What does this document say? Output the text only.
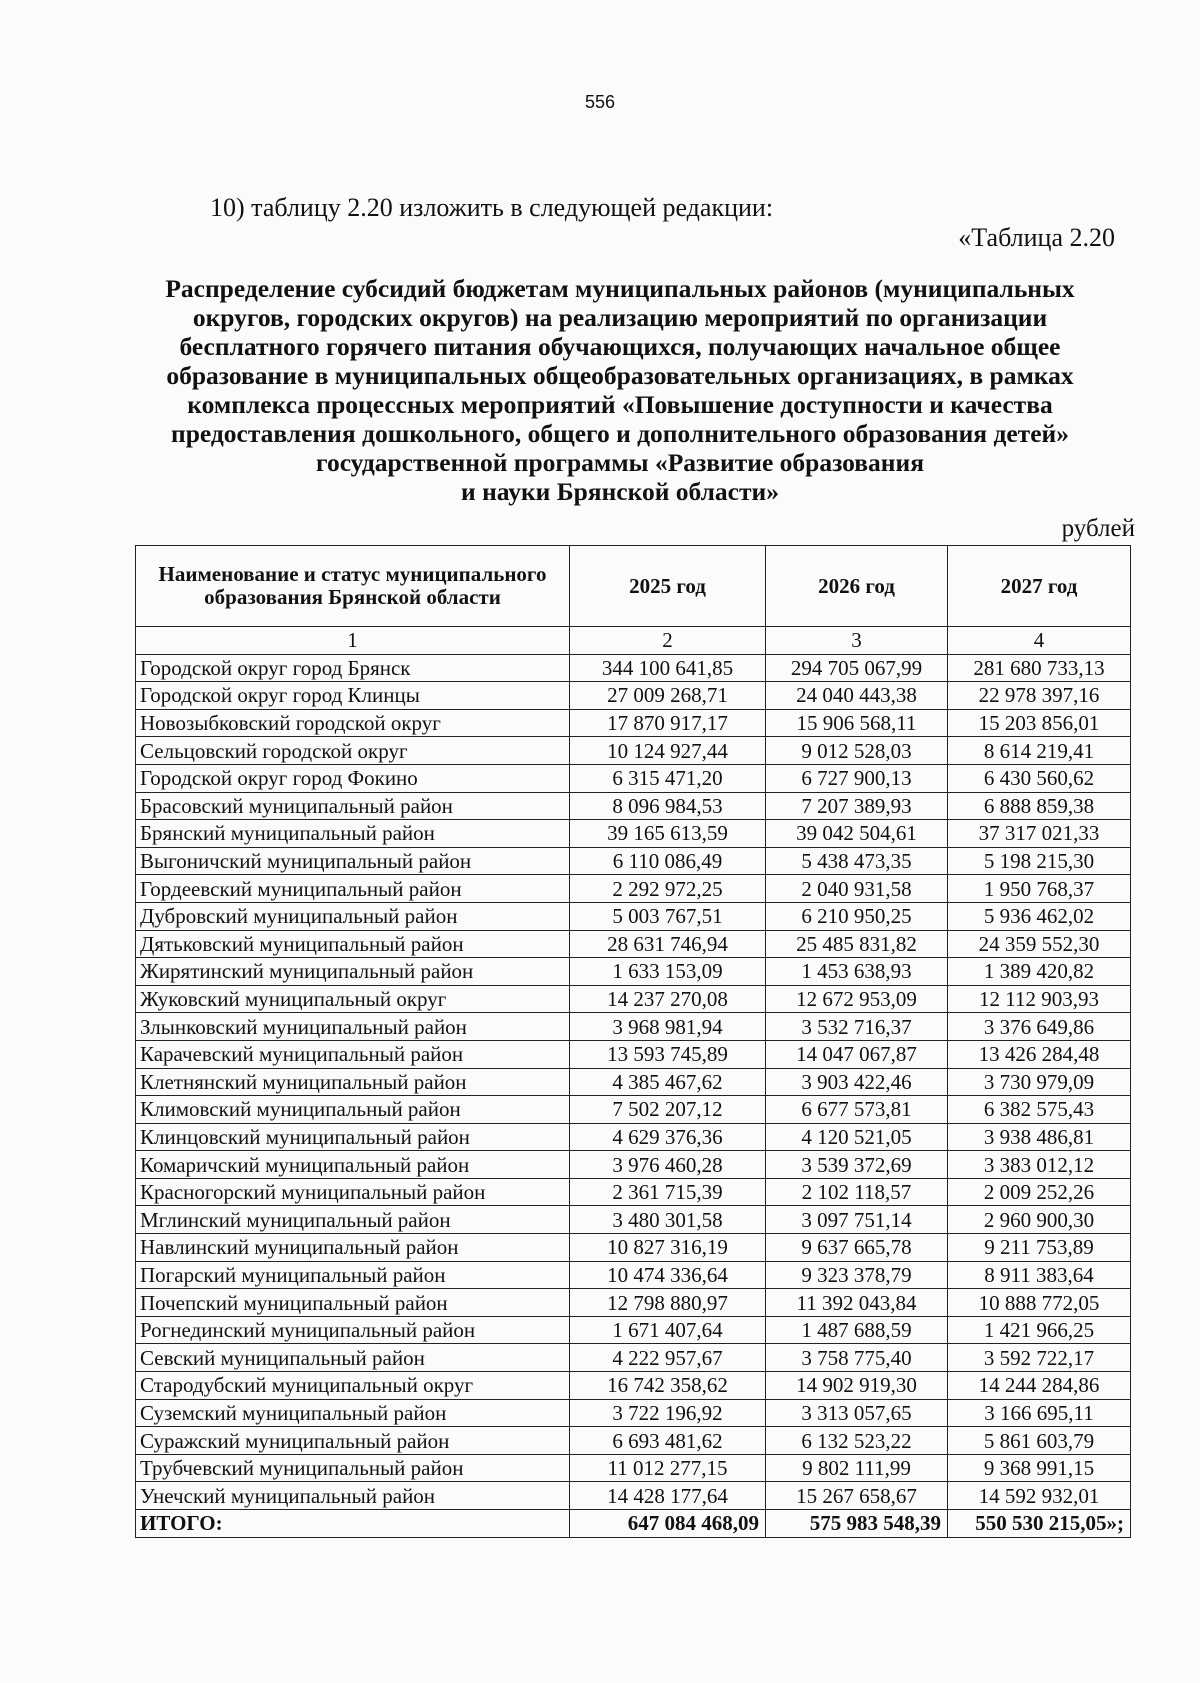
556
10) таблицу 2.20 изложить в следующей редакции:
«Таблица 2.20
Распределение субсидий бюджетам муниципальных районов (муниципальных
округов, городских округов) на реализацию мероприятий по организации
бесплатного горячего питания обучающихся, получающих начальное общее
образование в муниципальных общеобразовательных организациях, в рамках
комплекса процессных мероприятий «Повышение доступности и качества
предоставления дошкольного, общего и дополнительного образования детей»
государственной программы «Развитие образования
и науки Брянской области»
рублей
Наименование и статус муниципального образования Брянской области	2025 год	2026 год	2027 год
1	2	3	4
Городской округ город Брянск	344 100 641,85	294 705 067,99	281 680 733,13
Городской округ город Клинцы	27 009 268,71	24 040 443,38	22 978 397,16
Новозыбковский городской округ	17 870 917,17	15 906 568,11	15 203 856,01
Сельцовский городской округ	10 124 927,44	9 012 528,03	8 614 219,41
Городской округ город Фокино	6 315 471,20	6 727 900,13	6 430 560,62
Брасовский муниципальный район	8 096 984,53	7 207 389,93	6 888 859,38
Брянский муниципальный район	39 165 613,59	39 042 504,61	37 317 021,33
Выгоничский муниципальный район	6 110 086,49	5 438 473,35	5 198 215,30
Гордеевский муниципальный район	2 292 972,25	2 040 931,58	1 950 768,37
Дубровский муниципальный район	5 003 767,51	6 210 950,25	5 936 462,02
Дятьковский муниципальный район	28 631 746,94	25 485 831,82	24 359 552,30
Жирятинский муниципальный район	1 633 153,09	1 453 638,93	1 389 420,82
Жуковский муниципальный округ	14 237 270,08	12 672 953,09	12 112 903,93
Злынковский муниципальный район	3 968 981,94	3 532 716,37	3 376 649,86
Карачевский муниципальный район	13 593 745,89	14 047 067,87	13 426 284,48
Клетнянский муниципальный район	4 385 467,62	3 903 422,46	3 730 979,09
Климовский муниципальный район	7 502 207,12	6 677 573,81	6 382 575,43
Клинцовский муниципальный район	4 629 376,36	4 120 521,05	3 938 486,81
Комаричский муниципальный район	3 976 460,28	3 539 372,69	3 383 012,12
Красногорский муниципальный район	2 361 715,39	2 102 118,57	2 009 252,26
Мглинский муниципальный район	3 480 301,58	3 097 751,14	2 960 900,30
Навлинский муниципальный район	10 827 316,19	9 637 665,78	9 211 753,89
Погарский муниципальный район	10 474 336,64	9 323 378,79	8 911 383,64
Почепский муниципальный район	12 798 880,97	11 392 043,84	10 888 772,05
Рогнединский муниципальный район	1 671 407,64	1 487 688,59	1 421 966,25
Севский муниципальный район	4 222 957,67	3 758 775,40	3 592 722,17
Стародубский муниципальный округ	16 742 358,62	14 902 919,30	14 244 284,86
Суземский муниципальный район	3 722 196,92	3 313 057,65	3 166 695,11
Суражский муниципальный район	6 693 481,62	6 132 523,22	5 861 603,79
Трубчевский муниципальный район	11 012 277,15	9 802 111,99	9 368 991,15
Унечский муниципальный район	14 428 177,64	15 267 658,67	14 592 932,01
ИТОГО:	647 084 468,09	575 983 548,39	550 530 215,05»;
